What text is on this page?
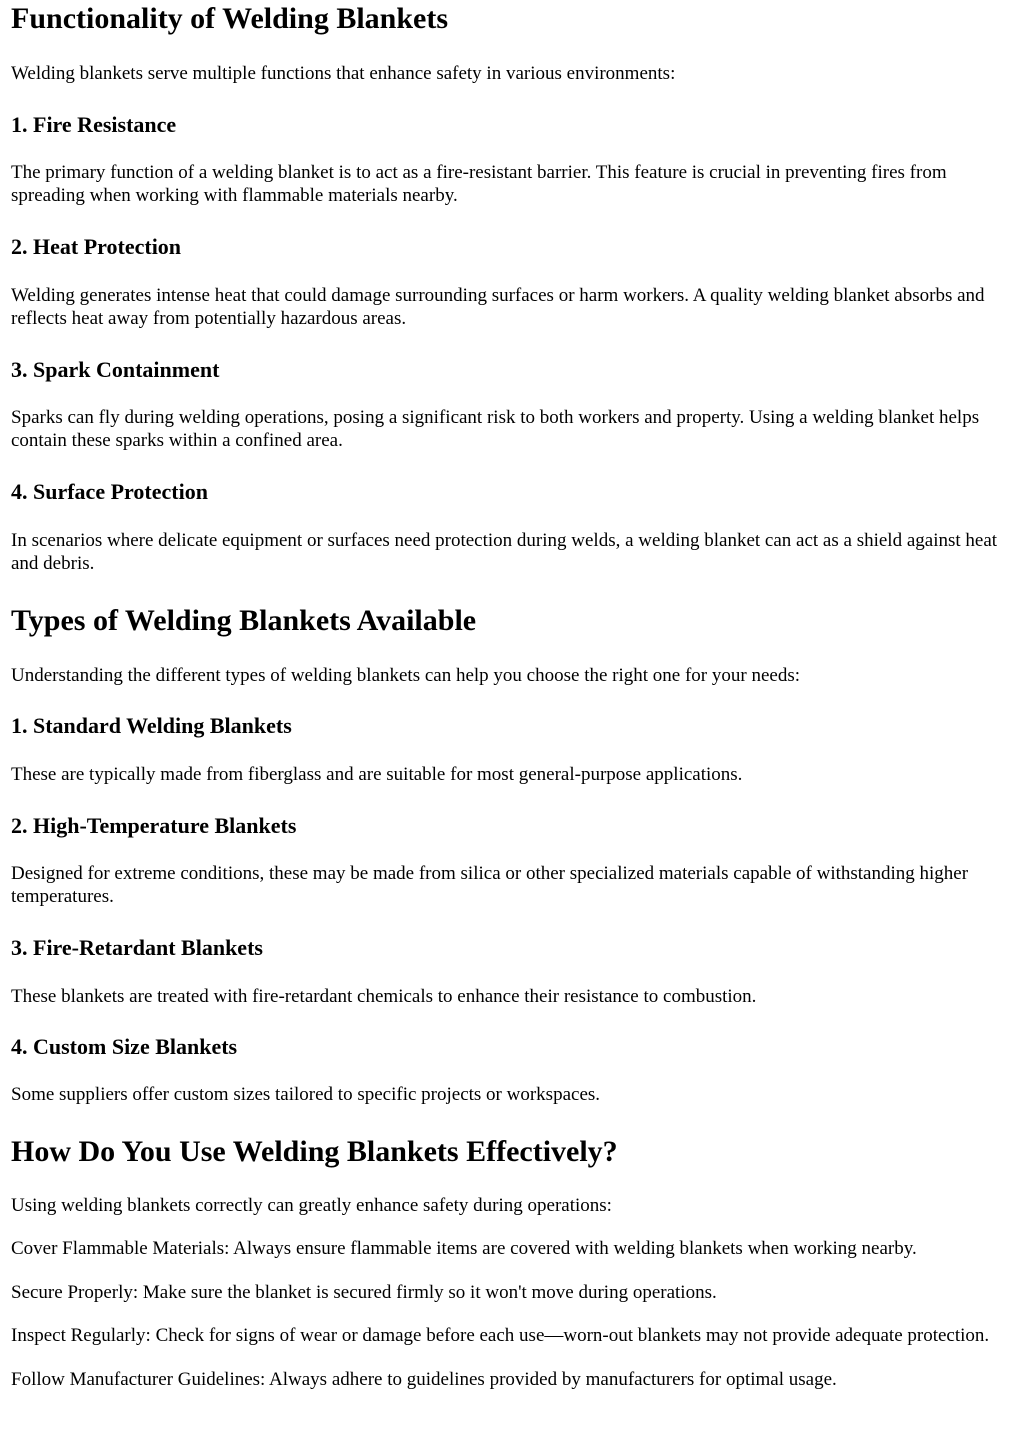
Functionality of Welding Blankets

Welding blankets serve multiple functions that enhance safety in various environments:

1. Fire Resistance

The primary function of a welding blanket is to act as a fire-resistant barrier. This feature is crucial in preventing fires from spreading when working with flammable materials nearby.

2. Heat Protection

Welding generates intense heat that could damage surrounding surfaces or harm workers. A quality welding blanket absorbs and reflects heat away from potentially hazardous areas.

3. Spark Containment

Sparks can fly during welding operations, posing a significant risk to both workers and property. Using a welding blanket helps contain these sparks within a confined area.

4. Surface Protection

In scenarios where delicate equipment or surfaces need protection during welds, a welding blanket can act as a shield against heat and debris.

Types of Welding Blankets Available

Understanding the different types of welding blankets can help you choose the right one for your needs:

1. Standard Welding Blankets

These are typically made from fiberglass and are suitable for most general-purpose applications.

2. High-Temperature Blankets

Designed for extreme conditions, these may be made from silica or other specialized materials capable of withstanding higher temperatures.

3. Fire-Retardant Blankets

These blankets are treated with fire-retardant chemicals to enhance their resistance to combustion.

4. Custom Size Blankets

Some suppliers offer custom sizes tailored to specific projects or workspaces.

How Do You Use Welding Blankets Effectively?

Using welding blankets correctly can greatly enhance safety during operations:

Cover Flammable Materials: Always ensure flammable items are covered with welding blankets when working nearby.

Secure Properly: Make sure the blanket is secured firmly so it won't move during operations.

Inspect Regularly: Check for signs of wear or damage before each use—worn-out blankets may not provide adequate protection.

Follow Manufacturer Guidelines: Always adhere to guidelines provided by manufacturers for optimal usage.
